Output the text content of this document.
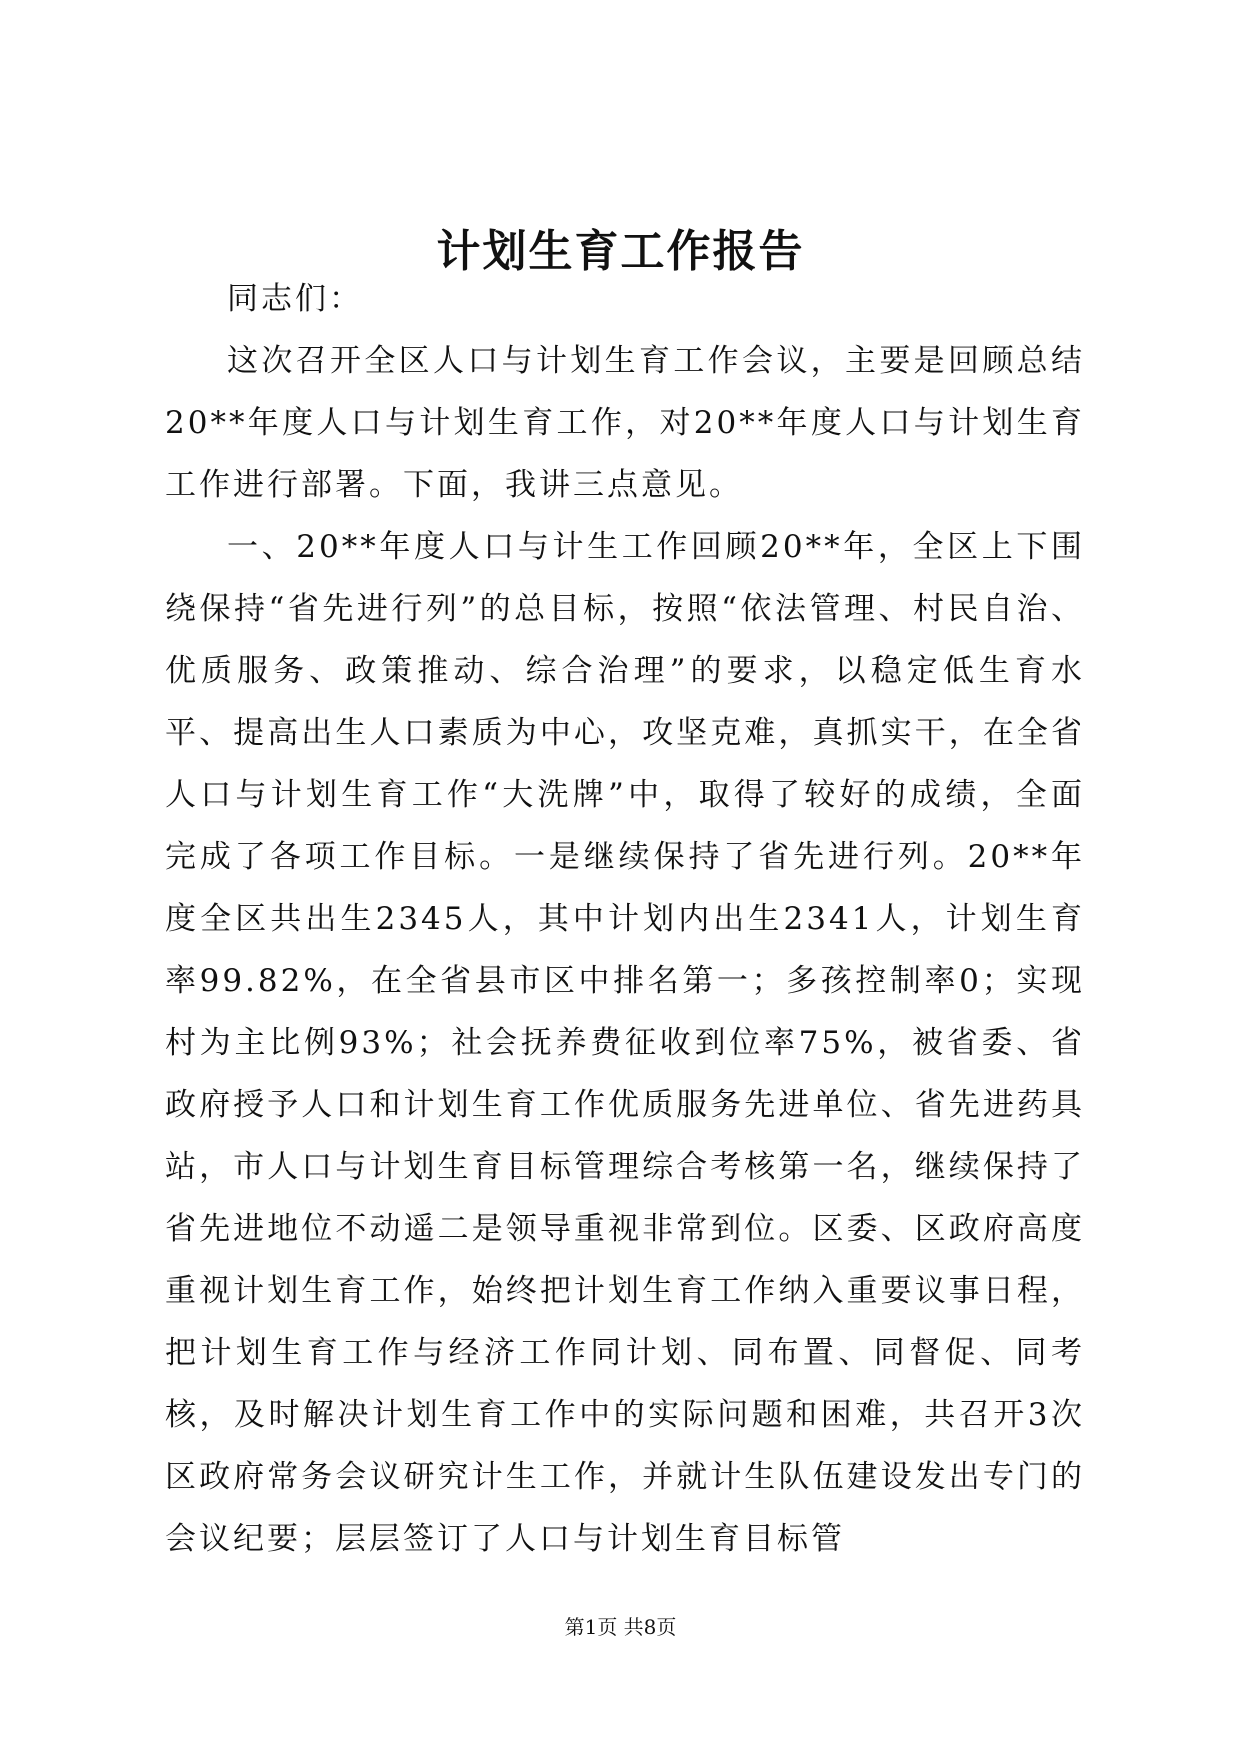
计划生育工作报告

同志们：

这次召开全区人口与计划生育工作会议，主要是回顾总结20**年度人口与计划生育工作，对20**年度人口与计划生育工作进行部署。下面，我讲三点意见。

一、20**年度人口与计生工作回顾20**年，全区上下围绕保持“省先进行列”的总目标，按照“依法管理、村民自治、优质服务、政策推动、综合治理”的要求，以稳定低生育水平、提高出生人口素质为中心，攻坚克难，真抓实干，在全省人口与计划生育工作“大洗牌”中，取得了较好的成绩，全面完成了各项工作目标。一是继续保持了省先进行列。20**年度全区共出生2345人，其中计划内出生2341人，计划生育率99.82%，在全省县市区中排名第一；多孩控制率0；实现村为主比例93%；社会抚养费征收到位率75%，被省委、省政府授予人口和计划生育工作优质服务先进单位、省先进药具站，市人口与计划生育目标管理综合考核第一名，继续保持了省先进地位不动遥二是领导重视非常到位。区委、区政府高度重视计划生育工作，始终把计划生育工作纳入重要议事日程，把计划生育工作与经济工作同计划、同布置、同督促、同考核，及时解决计划生育工作中的实际问题和困难，共召开3次区政府常务会议研究计生工作，并就计生队伍建设发出专门的会议纪要；层层签订了人口与计划生育目标管

第1页 共8页
